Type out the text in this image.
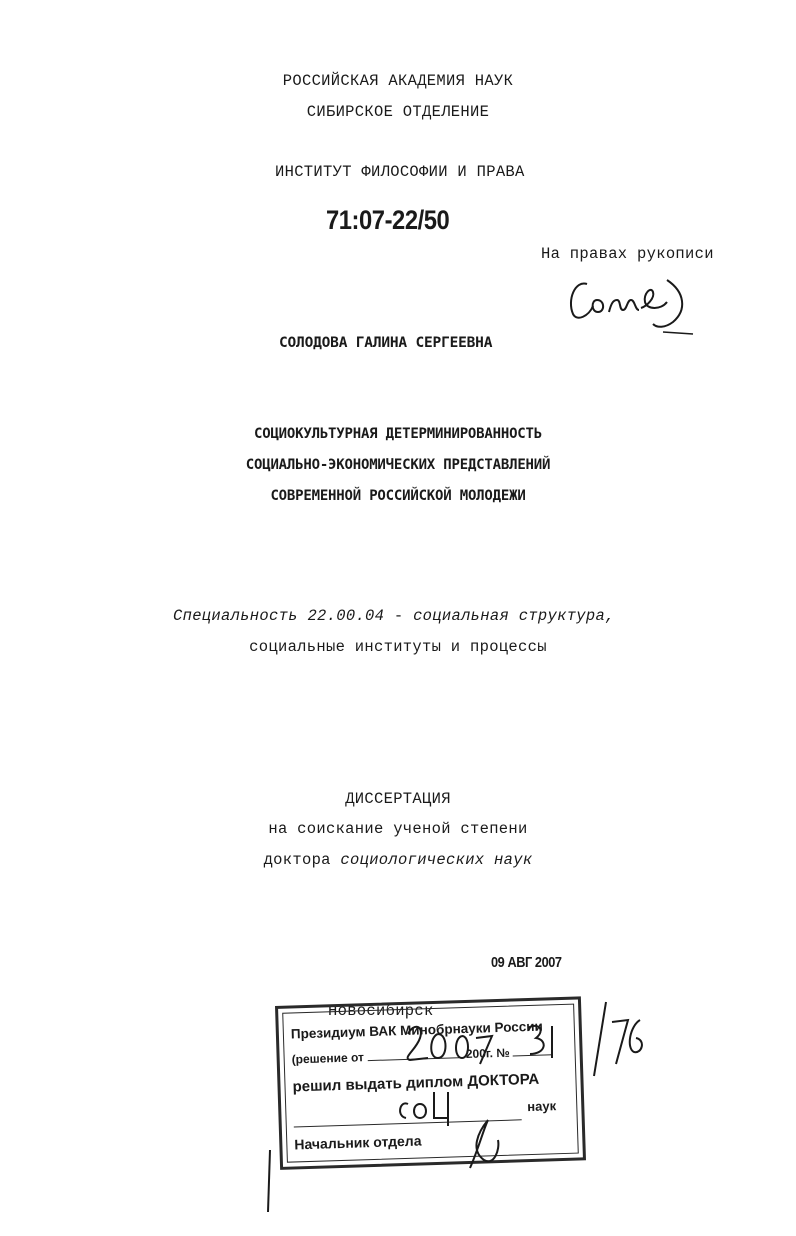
РОССИЙСКАЯ АКАДЕМИЯ НАУК
СИБИРСКОЕ ОТДЕЛЕНИЕ
ИНСТИТУТ ФИЛОСОФИИ И ПРАВА
71:07-22/50
На правах рукописи
СОЛОДОВА ГАЛИНА СЕРГЕЕВНА
СОЦИОКУЛЬТУРНАЯ ДЕТЕРМИНИРОВАННОСТЬ
СОЦИАЛЬНО-ЭКОНОМИЧЕСКИХ ПРЕДСТАВЛЕНИЙ
СОВРЕМЕННОЙ РОССИЙСКОЙ МОЛОДЕЖИ
Специальность 22.00.04 - социальная структура,
социальные институты и процессы
ДИССЕРТАЦИЯ
на соискание ученой степени
доктора социологических наук
09 АВГ 2007
Новосибирск
Президиум ВАК Минобрнауки России
(решение от	200г. №
решил выдать диплом ДОКТОРА
наук
Начальник отдела
